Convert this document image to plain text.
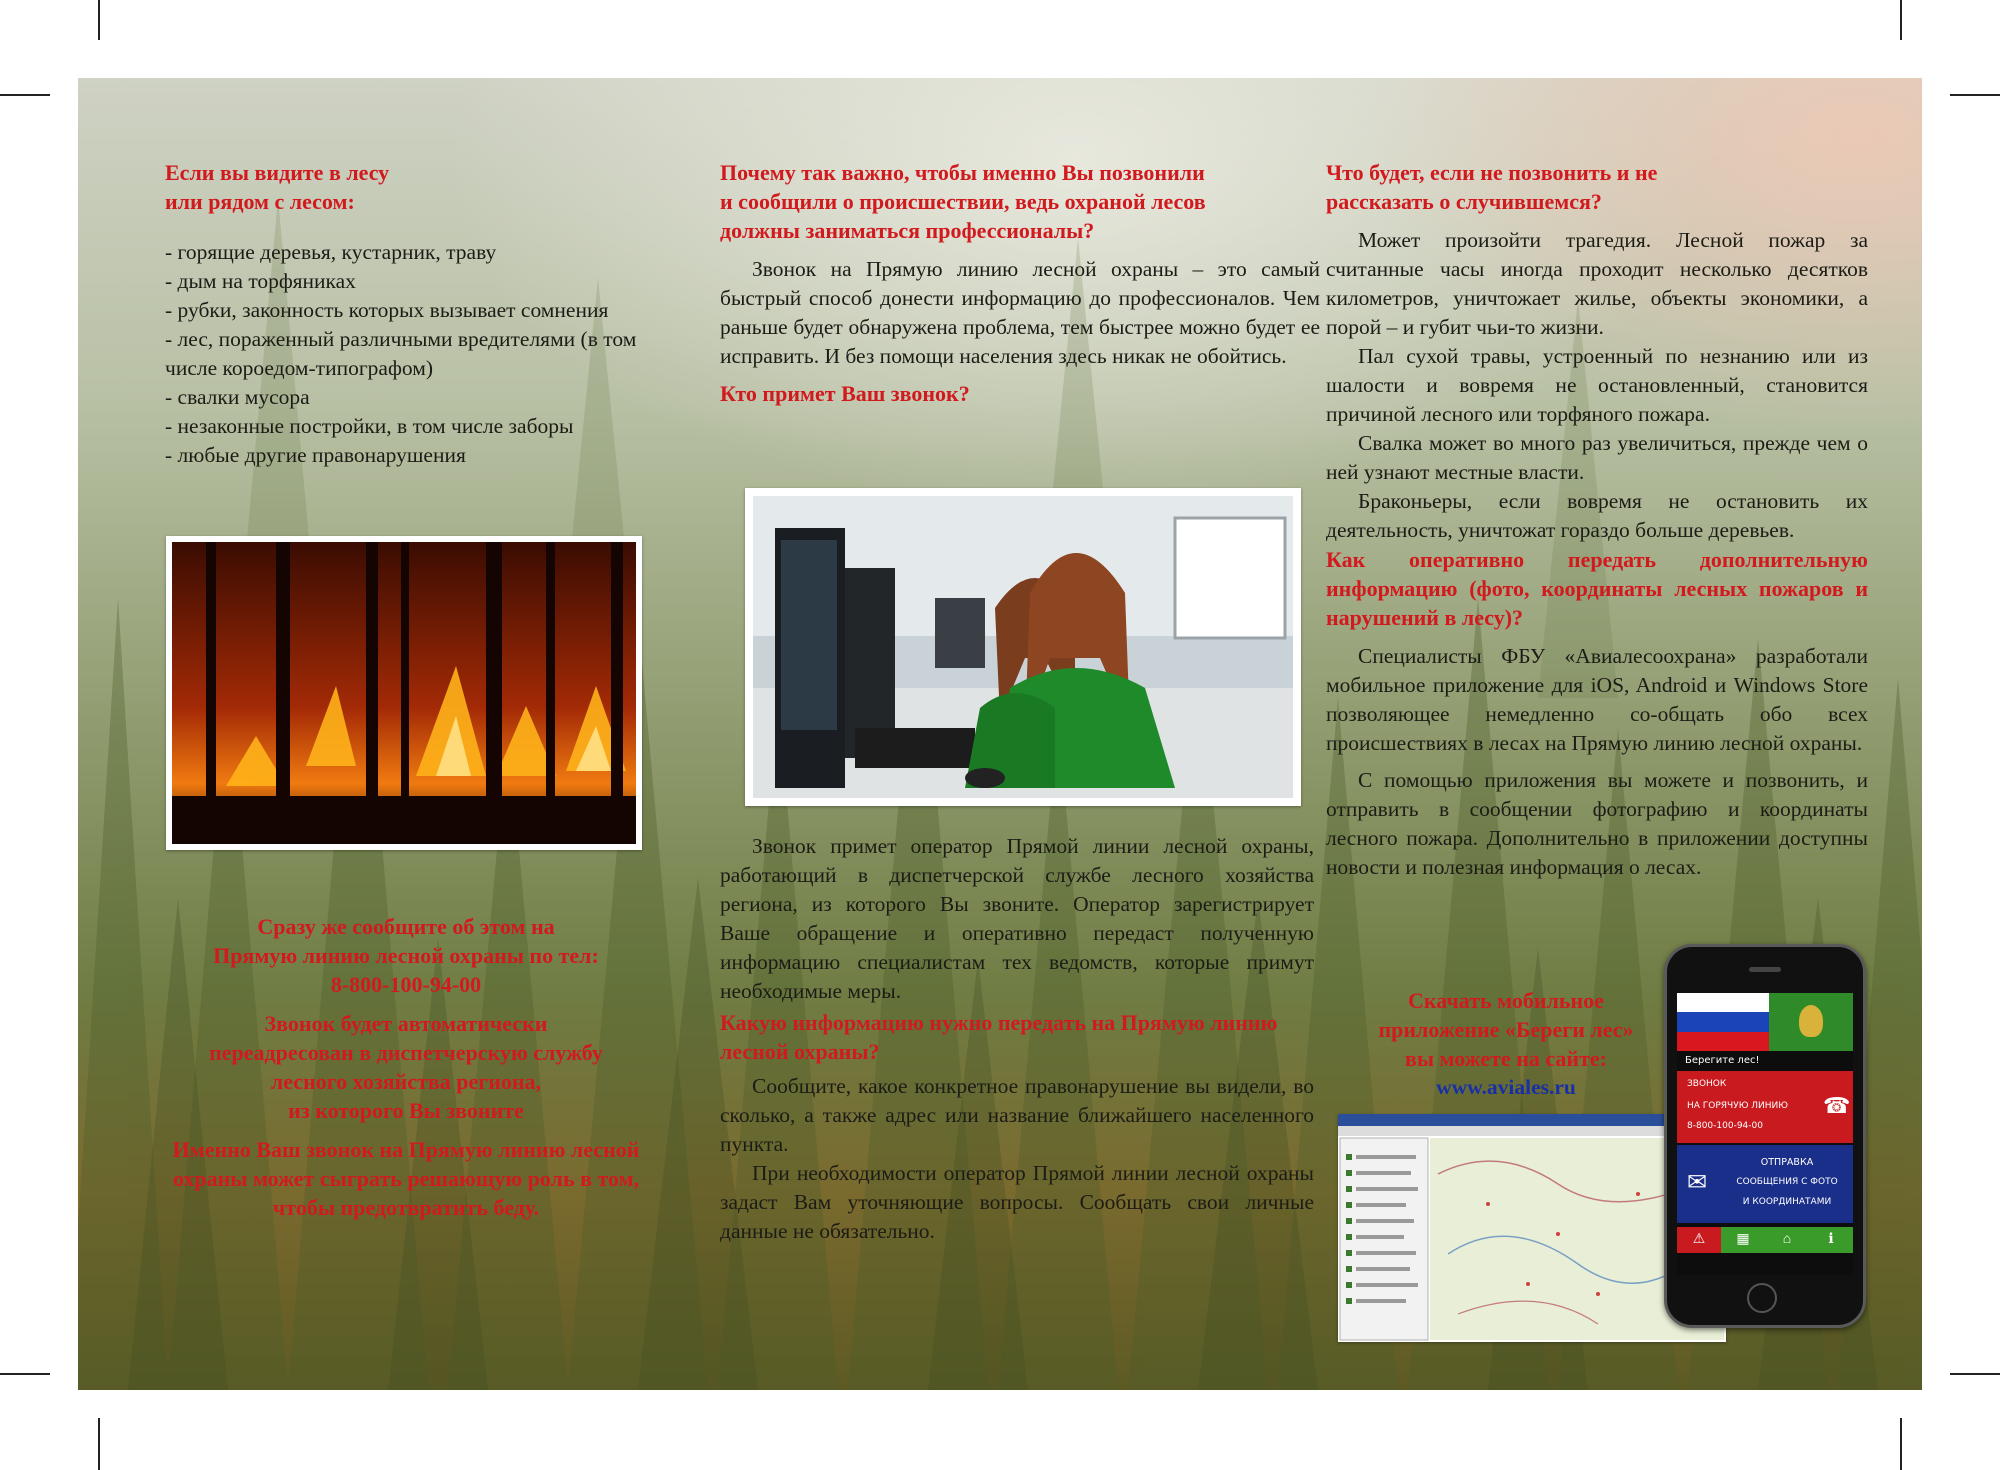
Если вы видите в лесу

или рядом с лесом:

- горящие деревья, кустарник, траву
- дым на торфяниках
- рубки, законность которых вызывает сомнения
- лес, пораженный различными вредителями (в том числе короедом-типографом)
- свалки мусора
- незаконные постройки, в том числе заборы
- любые другие правонарушения
Сразу же сообщите об этом на
Прямую линию лесной охраны по тел:
8-800-100-94-00
Звонок будет автоматически
переадресован в диспетчерскую службу
лесного хозяйства региона,
из которого Вы звоните
Именно Ваш звонок на Прямую линию лесной охраны может сыграть решающую роль в том, чтобы предотвратить беду.

Почему так важно, чтобы именно Вы позвонили и сообщили о происшествии, ведь охраной лесов должны заниматься профессионалы?

Звонок на Прямую линию лесной охраны – это самый быстрый способ донести информацию до профессионалов. Чем раньше будет обнаружена проблема, тем быстрее можно будет ее исправить. И без помощи населения здесь никак не обойтись.

Кто примет Ваш звонок?

Звонок примет оператор Прямой линии лесной охраны, работающий в диспетчерской службе лесного хозяйства региона, из которого Вы звоните. Оператор зарегистрирует Ваше обращение и оперативно передаст полученную информацию специалистам тех ведомств, которые примут необходимые меры.

Какую информацию нужно передать на Прямую линию лесной охраны?

Сообщите, какое конкретное правонарушение вы видели, во сколько, а также адрес или название ближайшего населенного пункта.

При необходимости оператор Прямой линии лесной охраны задаст Вам уточняющие вопросы. Сообщать свои личные данные не обязательно.

Что будет, если не позвонить и не рассказать о случившемся?

Может произойти трагедия. Лесной пожар за считанные часы иногда проходит несколько десятков километров, уничтожает жилье, объекты экономики, а порой – и губит чьи-то жизни.

Пал сухой травы, устроенный по незнанию или из шалости и вовремя не остановленный, становится причиной лесного или торфяного пожара.

Свалка может во много раз увеличиться, прежде чем о ней узнают местные власти.

Браконьеры, если вовремя не остановить их деятельность, уничтожат гораздо больше деревьев.

Как оперативно передать дополнительную информацию (фото, координаты лесных пожаров и нарушений в лесу)?

Специалисты ФБУ «Авиалесоохрана» разработали мобильное приложение для iOS, Android и Windows Store позволяющее немедленно со-общать обо всех происшествиях в лесах на Прямую линию лесной охраны.

С помощью приложения вы можете и позвонить, и отправить в сообщении фотографию и координаты лесного пожара. Дополнительно в приложении доступны новости и полезная информация о лесах.

Скачать мобильное
приложение «Береги лес»
вы можете на сайте:
www.aviales.ru
Берегите лес!
ЗВОНОК
НА ГОРЯЧУЮ ЛИНИЮ
8-800-100-94-00
☎
✉
ОТПРАВКА
СООБЩЕНИЯ С ФОТО
И КООРДИНАТАМИ
⚠	▦	⌂	ℹ
